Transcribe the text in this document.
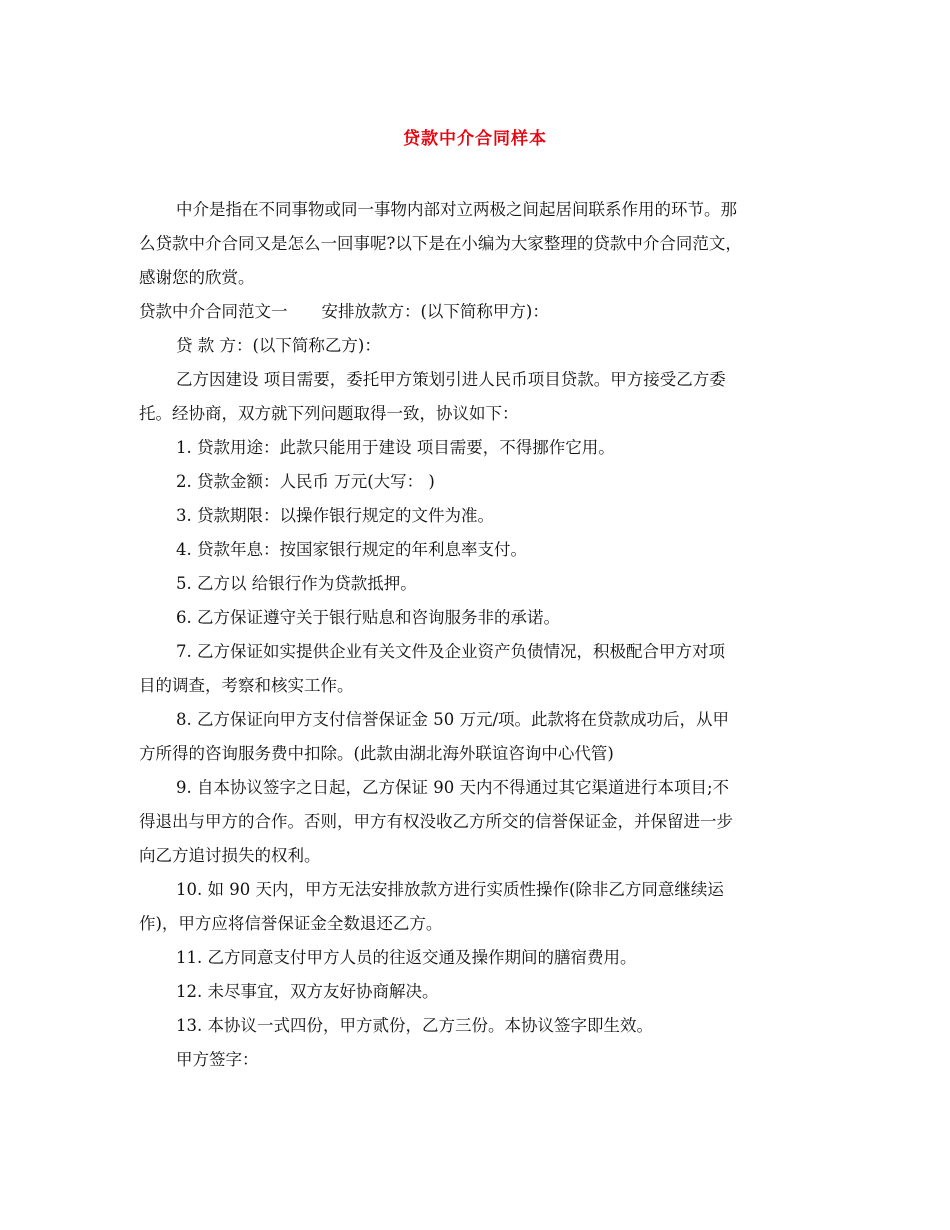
贷款中介合同样本
中介是指在不同事物或同一事物内部对立两极之间起居间联系作用的环节。那
么贷款中介合同又是怎么一回事呢?以下是在小编为大家整理的贷款中介合同范文，
感谢您的欣赏。
贷款中介合同范文一 安排放款方：(以下简称甲方)：
贷 款 方：(以下简称乙方)：
乙方因建设 项目需要，委托甲方策划引进人民币项目贷款。甲方接受乙方委
托。经协商，双方就下列问题取得一致，协议如下：
1. 贷款用途：此款只能用于建设 项目需要，不得挪作它用。
2. 贷款金额：人民币 万元(大写： )
3. 贷款期限：以操作银行规定的文件为准。
4. 贷款年息：按国家银行规定的年利息率支付。
5. 乙方以 给银行作为贷款抵押。
6. 乙方保证遵守关于银行贴息和咨询服务非的承诺。
7. 乙方保证如实提供企业有关文件及企业资产负债情况，积极配合甲方对项
目的调查，考察和核实工作。
8. 乙方保证向甲方支付信誉保证金 50 万元/项。此款将在贷款成功后，从甲
方所得的咨询服务费中扣除。(此款由湖北海外联谊咨询中心代管)
9. 自本协议签字之日起，乙方保证 90 天内不得通过其它渠道进行本项目;不
得退出与甲方的合作。否则，甲方有权没收乙方所交的信誉保证金，并保留进一步
向乙方追讨损失的权利。
10. 如 90 天内，甲方无法安排放款方进行实质性操作(除非乙方同意继续运
作)，甲方应将信誉保证金全数退还乙方。
11. 乙方同意支付甲方人员的往返交通及操作期间的膳宿费用。
12. 未尽事宜，双方友好协商解决。
13. 本协议一式四份，甲方贰份，乙方三份。本协议签字即生效。
甲方签字：
